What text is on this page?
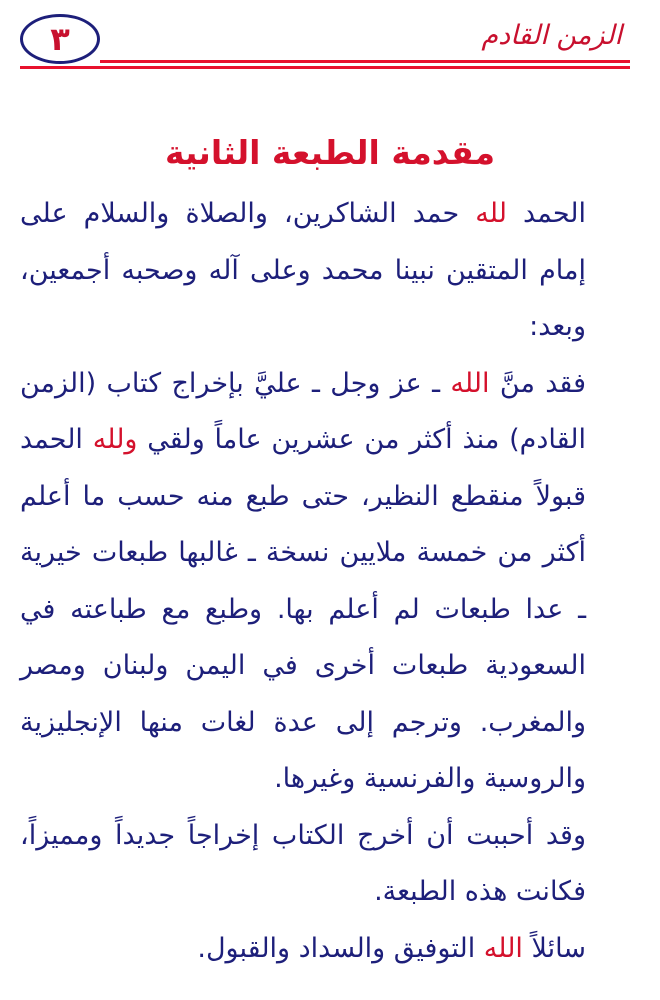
٣	الزمن القادم
مقدمة الطبعة الثانية

الحمد لله حمد الشاكرين، والصلاة والسلام على إمام المتقين نبينا محمد وعلى آله وصحبه أجمعين، وبعد:

فقد منَّ الله ـ عز وجل ـ عليَّ بإخراج كتاب (الزمن القادم) منذ أكثر من عشرين عاماً ولقي ولله الحمد قبولاً منقطع النظير، حتى طبع منه حسب ما أعلم أكثر من خمسة ملايين نسخة ـ غالبها طبعات خيرية ـ عدا طبعات لم أعلم بها. وطبع مع طباعته في السعودية طبعات أخرى في اليمن ولبنان ومصر والمغرب. وترجم إلى عدة لغات منها الإنجليزية والروسية والفرنسية وغيرها.

وقد أحببت أن أخرج الكتاب إخراجاً جديداً ومميزاً، فكانت هذه الطبعة.

سائلاً الله التوفيق والسداد والقبول.
